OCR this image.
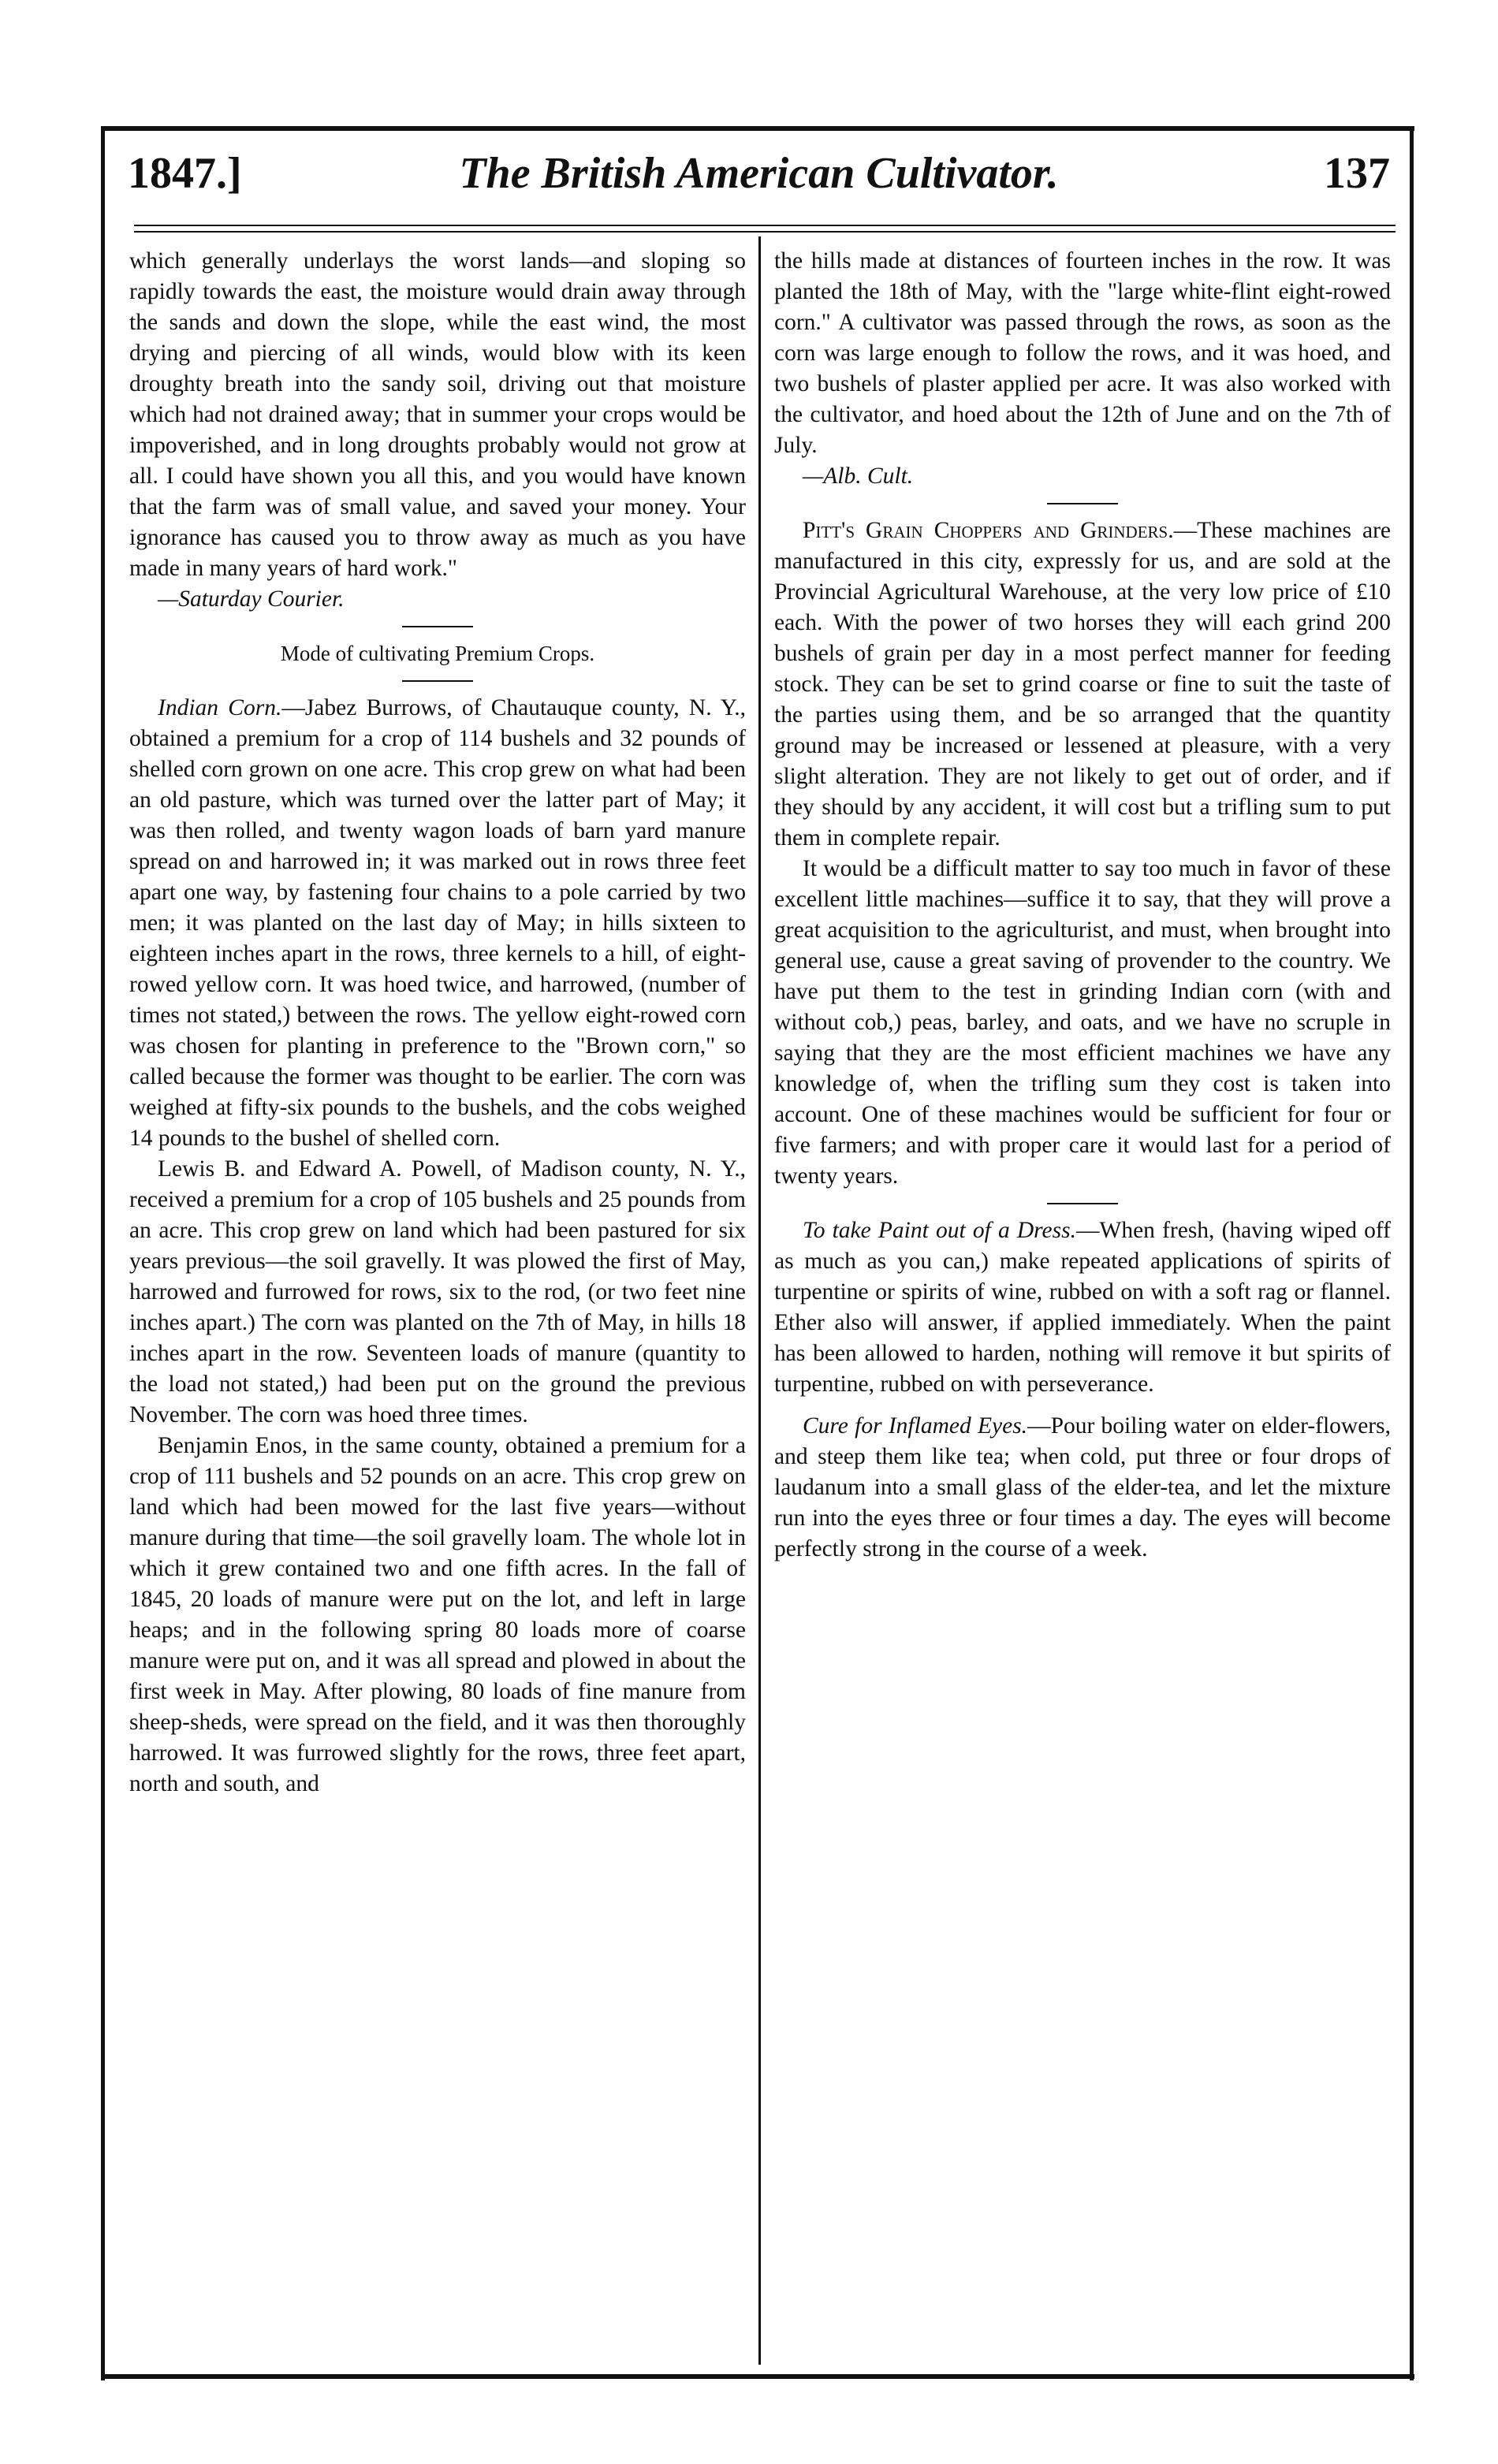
1847.]	The British American Cultivator.	137

which generally underlays the worst lands—and sloping so rapidly towards the east, the moisture would drain away through the sands and down the slope, while the east wind, the most drying and piercing of all winds, would blow with its keen droughty breath into the sandy soil, driving out that moisture which had not drained away; that in summer your crops would be impoverished, and in long droughts probably would not grow at all. I could have shown you all this, and you would have known that the farm was of small value, and saved your money. Your ignorance has caused you to throw away as much as you have made in many years of hard work."

—Saturday Courier.

Mode of cultivating Premium Crops.

Indian Corn.—Jabez Burrows, of Chautauque county, N. Y., obtained a premium for a crop of 114 bushels and 32 pounds of shelled corn grown on one acre. This crop grew on what had been an old pasture, which was turned over the latter part of May; it was then rolled, and twenty wagon loads of barn yard manure spread on and harrowed in; it was marked out in rows three feet apart one way, by fastening four chains to a pole carried by two men; it was planted on the last day of May; in hills sixteen to eighteen inches apart in the rows, three kernels to a hill, of eight-rowed yellow corn. It was hoed twice, and harrowed, (number of times not stated,) between the rows. The yellow eight-rowed corn was chosen for planting in preference to the "Brown corn," so called because the former was thought to be earlier. The corn was weighed at fifty-six pounds to the bushels, and the cobs weighed 14 pounds to the bushel of shelled corn.

Lewis B. and Edward A. Powell, of Madison county, N. Y., received a premium for a crop of 105 bushels and 25 pounds from an acre. This crop grew on land which had been pastured for six years previous—the soil gravelly. It was plowed the first of May, harrowed and furrowed for rows, six to the rod, (or two feet nine inches apart.) The corn was planted on the 7th of May, in hills 18 inches apart in the row. Seventeen loads of manure (quantity to the load not stated,) had been put on the ground the previous November. The corn was hoed three times.

Benjamin Enos, in the same county, obtained a premium for a crop of 111 bushels and 52 pounds on an acre. This crop grew on land which had been mowed for the last five years—without manure during that time—the soil gravelly loam. The whole lot in which it grew contained two and one fifth acres. In the fall of 1845, 20 loads of manure were put on the lot, and left in large heaps; and in the following spring 80 loads more of coarse manure were put on, and it was all spread and plowed in about the first week in May. After plowing, 80 loads of fine manure from sheep-sheds, were spread on the field, and it was then thoroughly harrowed. It was furrowed slightly for the rows, three feet apart, north and south, and

the hills made at distances of fourteen inches in the row. It was planted the 18th of May, with the "large white-flint eight-rowed corn." A cultivator was passed through the rows, as soon as the corn was large enough to follow the rows, and it was hoed, and two bushels of plaster applied per acre. It was also worked with the cultivator, and hoed about the 12th of June and on the 7th of July.

—Alb. Cult.

Pitt's Grain Choppers and Grinders.—These machines are manufactured in this city, expressly for us, and are sold at the Provincial Agricultural Warehouse, at the very low price of £10 each. With the power of two horses they will each grind 200 bushels of grain per day in a most perfect manner for feeding stock. They can be set to grind coarse or fine to suit the taste of the parties using them, and be so arranged that the quantity ground may be increased or lessened at pleasure, with a very slight alteration. They are not likely to get out of order, and if they should by any accident, it will cost but a trifling sum to put them in complete repair.

It would be a difficult matter to say too much in favor of these excellent little machines—suffice it to say, that they will prove a great acquisition to the agriculturist, and must, when brought into general use, cause a great saving of provender to the country. We have put them to the test in grinding Indian corn (with and without cob,) peas, barley, and oats, and we have no scruple in saying that they are the most efficient machines we have any knowledge of, when the trifling sum they cost is taken into account. One of these machines would be sufficient for four or five farmers; and with proper care it would last for a period of twenty years.

To take Paint out of a Dress.—When fresh, (having wiped off as much as you can,) make repeated applications of spirits of turpentine or spirits of wine, rubbed on with a soft rag or flannel. Ether also will answer, if applied immediately. When the paint has been allowed to harden, nothing will remove it but spirits of turpentine, rubbed on with perseverance.

Cure for Inflamed Eyes.—Pour boiling water on elder-flowers, and steep them like tea; when cold, put three or four drops of laudanum into a small glass of the elder-tea, and let the mixture run into the eyes three or four times a day. The eyes will become perfectly strong in the course of a week.
